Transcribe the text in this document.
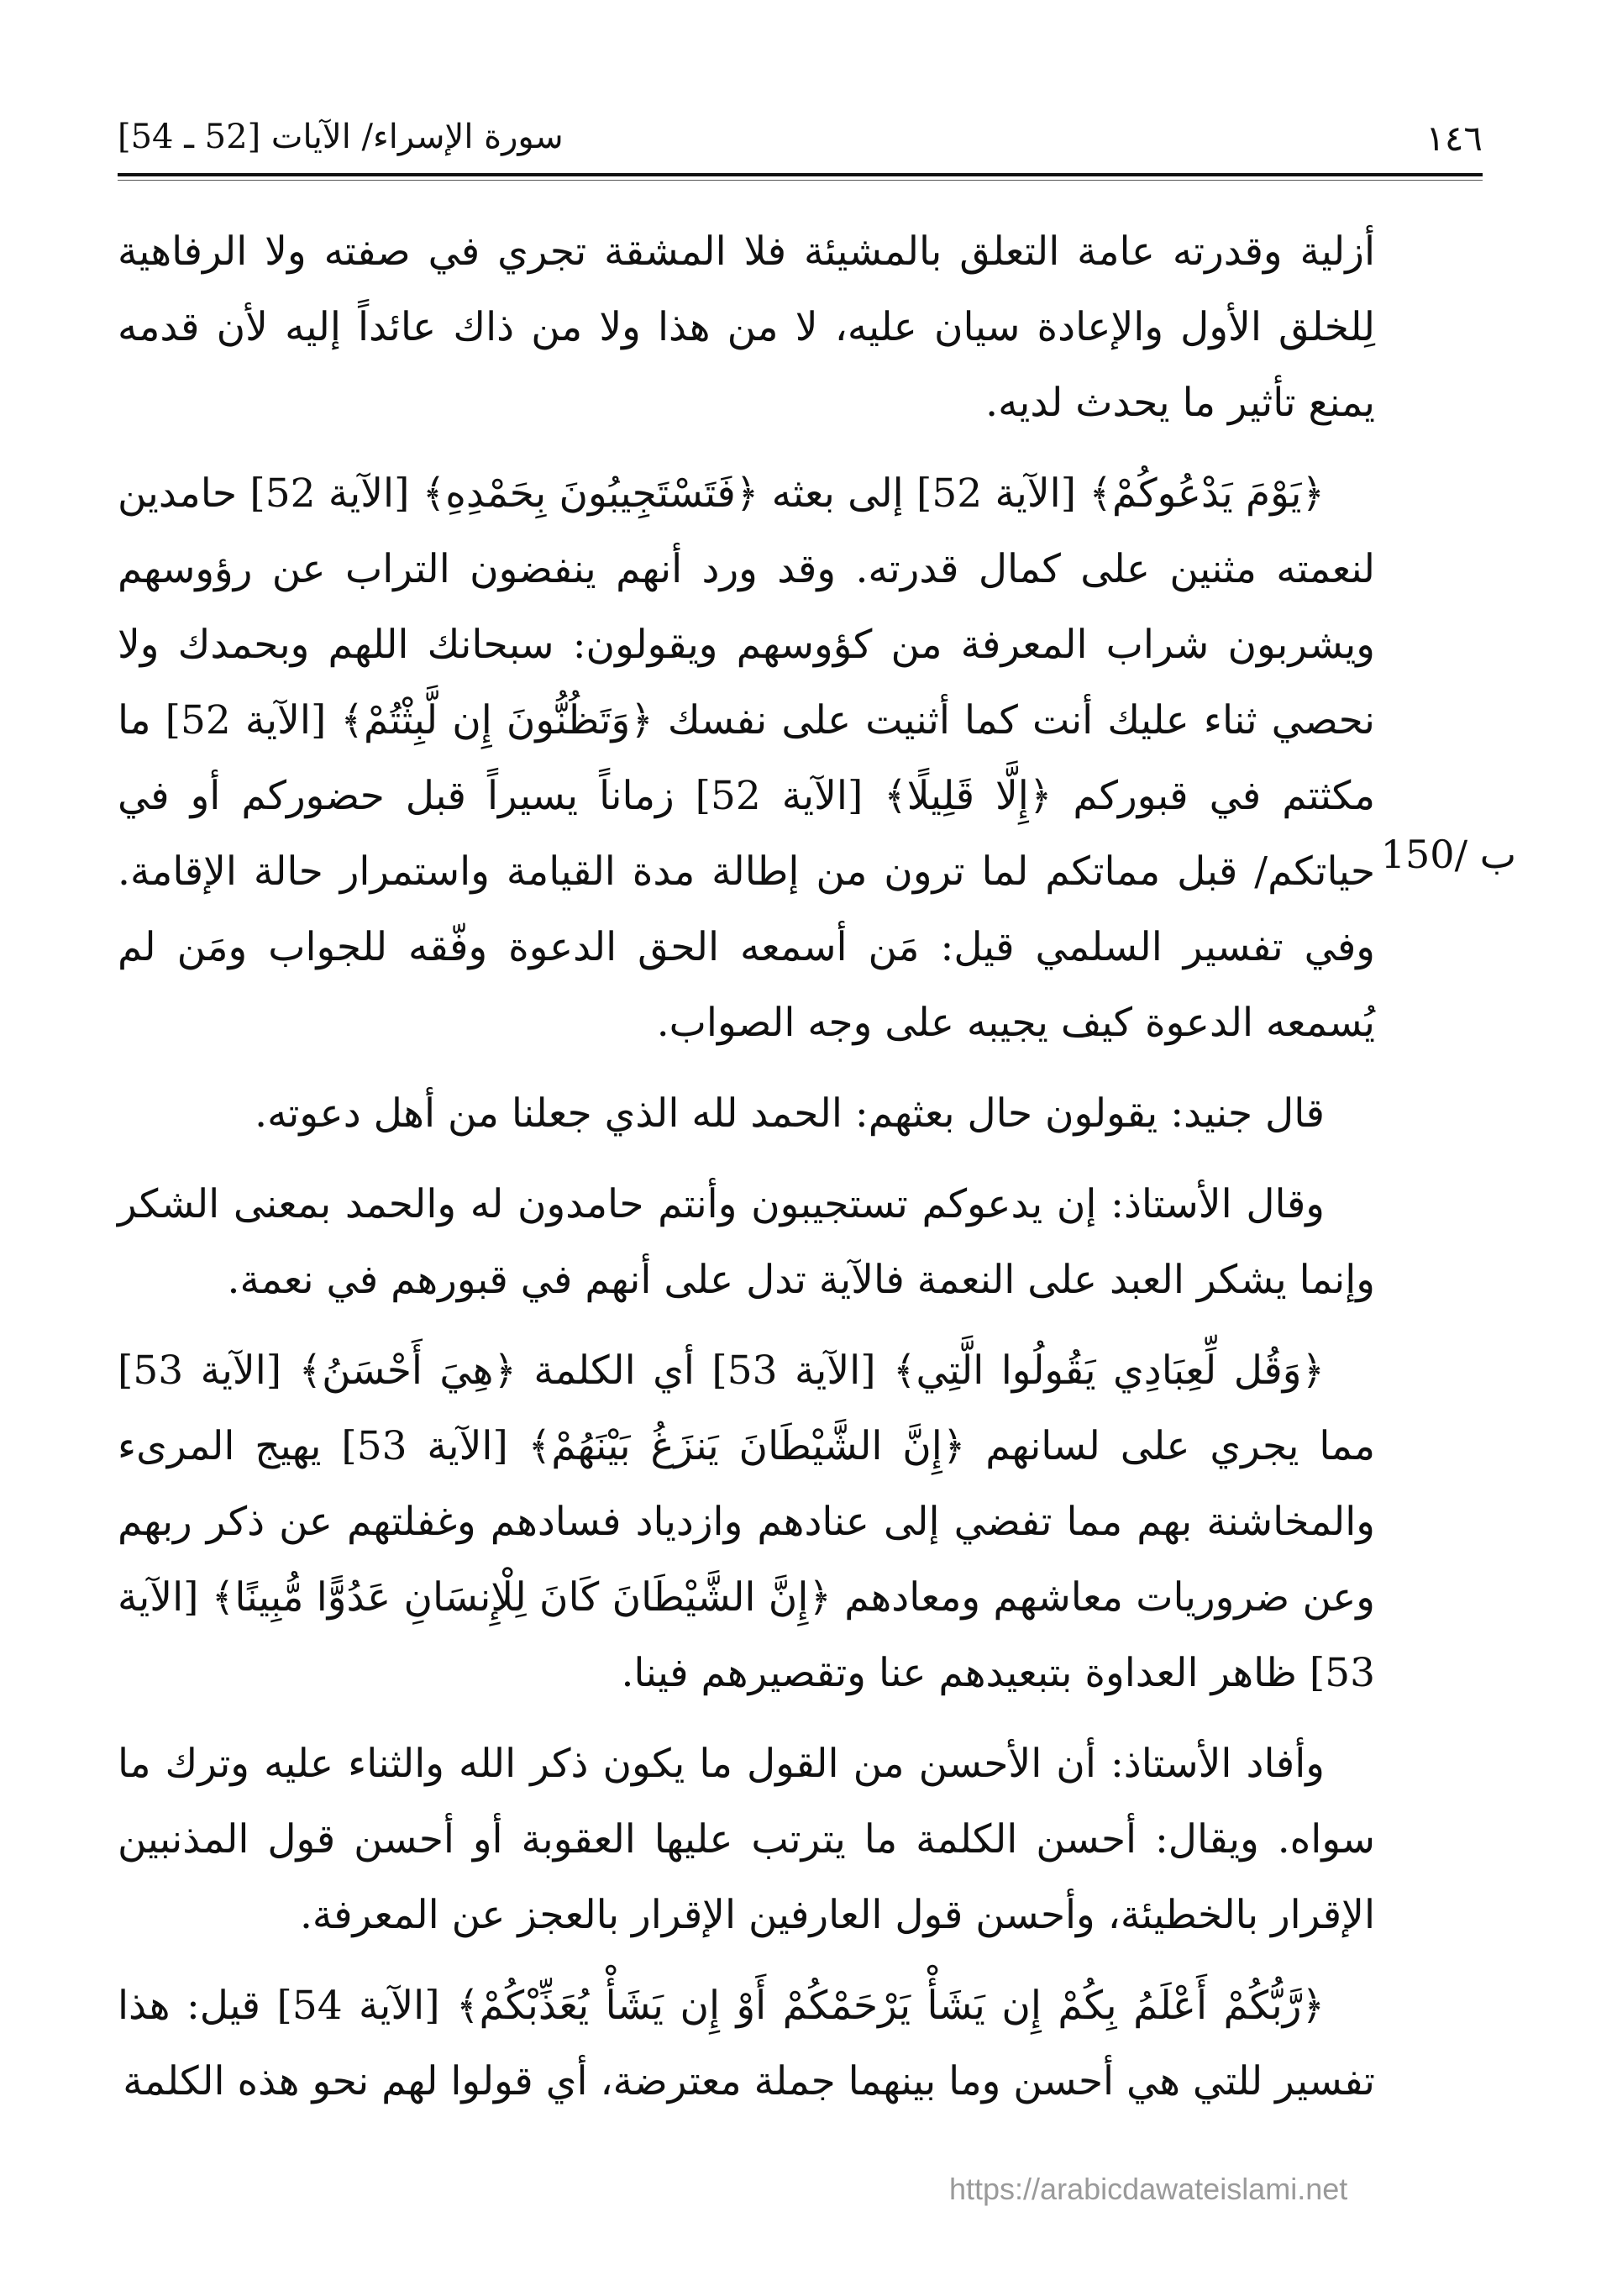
سورة الإسراء/ الآيات [52 ـ 54]	١٤٦
150/ ب

أزلية وقدرته عامة التعلق بالمشيئة فلا المشقة تجري في صفته ولا الرفاهية لِلخلق الأول والإعادة سيان عليه، لا من هذا ولا من ذاك عائداً إليه لأن قدمه يمنع تأثير ما يحدث لديه.

﴿يَوْمَ يَدْعُوكُمْ﴾ [الآية 52] إلى بعثه ﴿فَتَسْتَجِيبُونَ بِحَمْدِهِ﴾ [الآية 52] حامدين لنعمته مثنين على كمال قدرته. وقد ورد أنهم ينفضون التراب عن رؤوسهم ويشربون شراب المعرفة من كؤوسهم ويقولون: سبحانك اللهم وبحمدك ولا نحصي ثناء عليك أنت كما أثنيت على نفسك ﴿وَتَظُنُّونَ إِن لَّبِثْتُمْ﴾ [الآية 52] ما مكثتم في قبوركم ﴿إِلَّا قَلِيلًا﴾ [الآية 52] زماناً يسيراً قبل حضوركم أو في حياتكم/ قبل مماتكم لما ترون من إطالة مدة القيامة واستمرار حالة الإقامة. وفي تفسير السلمي قيل: مَن أسمعه الحق الدعوة وفّقه للجواب ومَن لم يُسمعه الدعوة كيف يجيبه على وجه الصواب.

قال جنيد: يقولون حال بعثهم: الحمد لله الذي جعلنا من أهل دعوته.

وقال الأستاذ: إن يدعوكم تستجيبون وأنتم حامدون له والحمد بمعنى الشكر وإنما يشكر العبد على النعمة فالآية تدل على أنهم في قبورهم في نعمة.

﴿وَقُل لِّعِبَادِي يَقُولُوا الَّتِي﴾ [الآية 53] أي الكلمة ﴿هِيَ أَحْسَنُ﴾ [الآية 53] مما يجري على لسانهم ﴿إِنَّ الشَّيْطَانَ يَنزَغُ بَيْنَهُمْ﴾ [الآية 53] يهيج المرىء والمخاشنة بهم مما تفضي إلى عنادهم وازدياد فسادهم وغفلتهم عن ذكر ربهم وعن ضروريات معاشهم ومعادهم ﴿إِنَّ الشَّيْطَانَ كَانَ لِلْإِنسَانِ عَدُوًّا مُّبِينًا﴾ [الآية 53] ظاهر العداوة بتبعيدهم عنا وتقصيرهم فينا.

وأفاد الأستاذ: أن الأحسن من القول ما يكون ذكر الله والثناء عليه وترك ما سواه. ويقال: أحسن الكلمة ما يترتب عليها العقوبة أو أحسن قول المذنبين الإقرار بالخطيئة، وأحسن قول العارفين الإقرار بالعجز عن المعرفة.

﴿رَّبُّكُمْ أَعْلَمُ بِكُمْ إِن يَشَأْ يَرْحَمْكُمْ أَوْ إِن يَشَأْ يُعَذِّبْكُمْ﴾ [الآية 54] قيل: هذا تفسير للتي هي أحسن وما بينهما جملة معترضة، أي قولوا لهم نحو هذه الكلمة

https://arabicdawateislami.net
